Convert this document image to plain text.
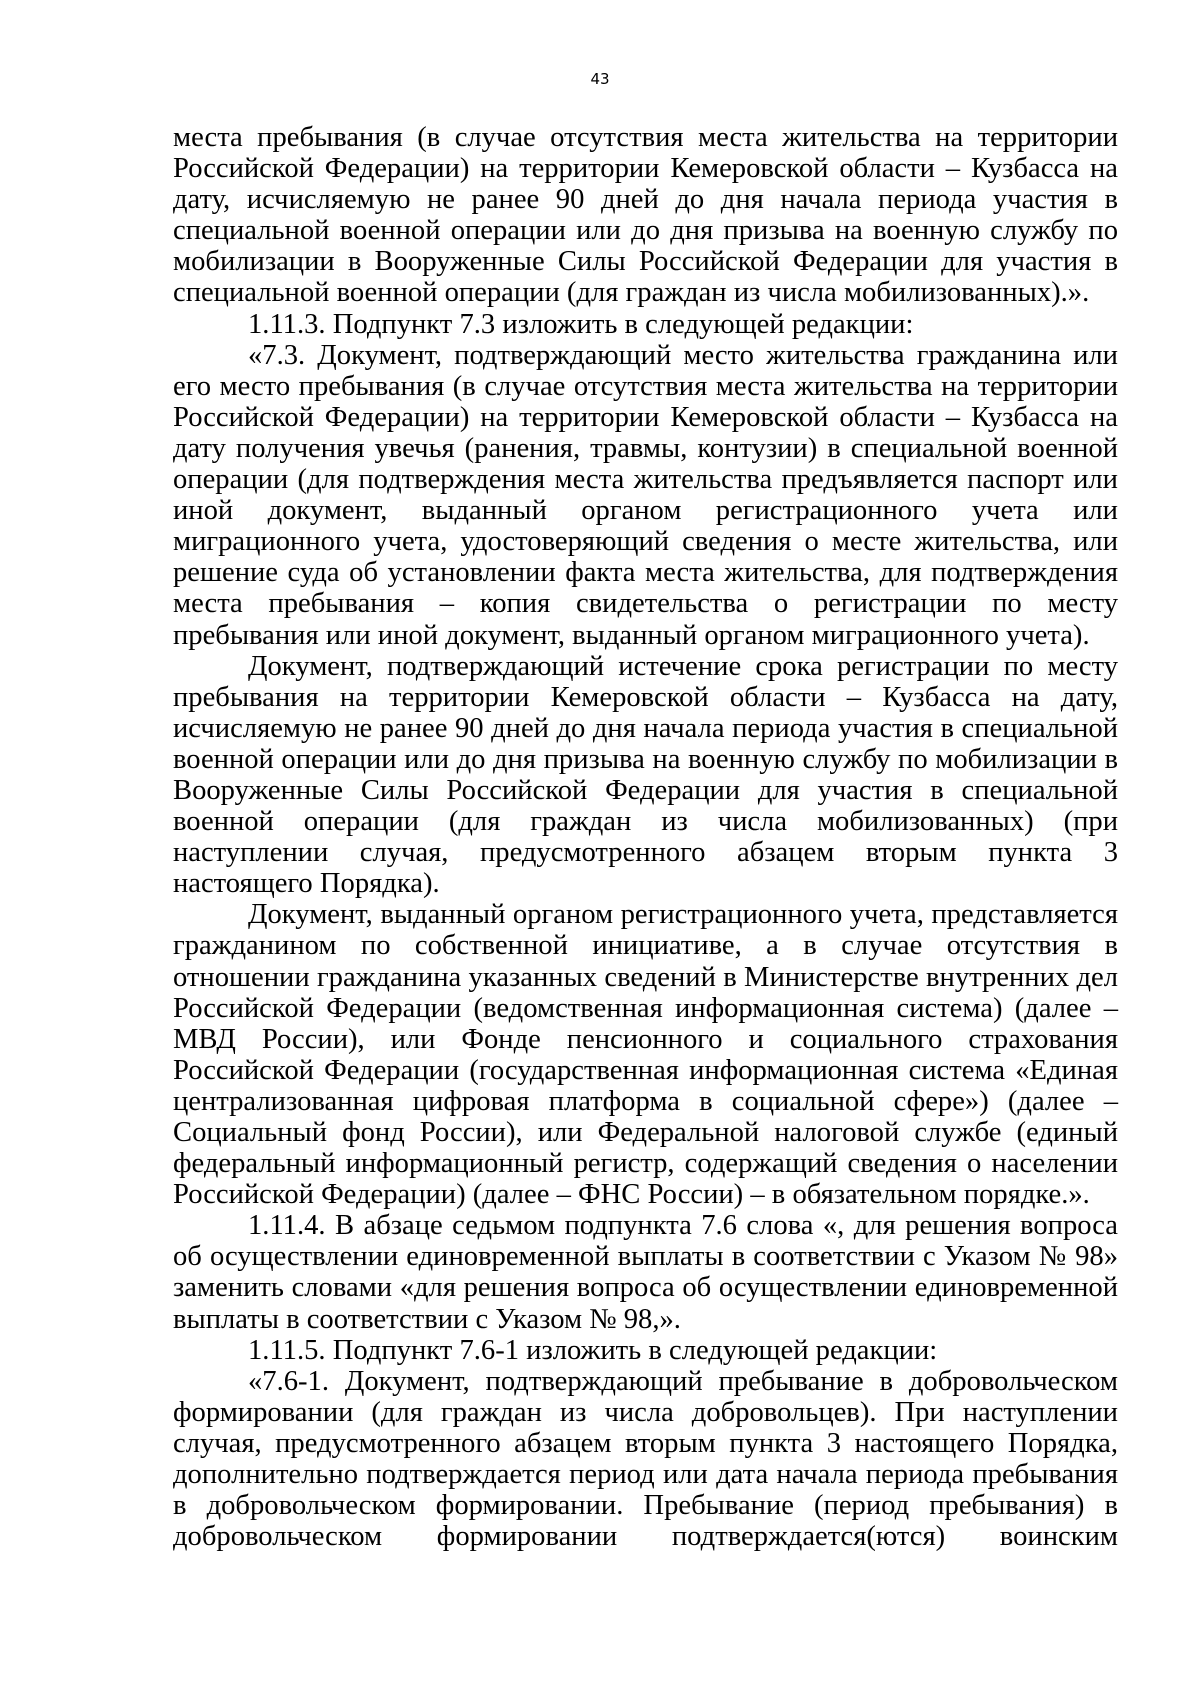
43

места пребывания (в случае отсутствия места жительства на территории Российской Федерации) на территории Кемеровской области – Кузбасса на дату, исчисляемую не ранее 90 дней до дня начала периода участия в специальной военной операции или до дня призыва на военную службу по мобилизации в Вооруженные Силы Российской Федерации для участия в специальной военной операции (для граждан из числа мобилизованных).».

1.11.3. Подпункт 7.3 изложить в следующей редакции:

«7.3. Документ, подтверждающий место жительства гражданина или его место пребывания (в случае отсутствия места жительства на территории Российской Федерации) на территории Кемеровской области – Кузбасса на дату получения увечья (ранения, травмы, контузии) в специальной военной операции (для подтверждения места жительства предъявляется паспорт или иной документ, выданный органом регистрационного учета или миграционного учета, удостоверяющий сведения о месте жительства, или решение суда об установлении факта места жительства, для подтверждения места пребывания – копия свидетельства о регистрации по месту пребывания или иной документ, выданный органом миграционного учета).

Документ, подтверждающий истечение срока регистрации по месту пребывания на территории Кемеровской области – Кузбасса на дату, исчисляемую не ранее 90 дней до дня начала периода участия в специальной военной операции или до дня призыва на военную службу по мобилизации в Вооруженные Силы Российской Федерации для участия в специальной военной операции (для граждан из числа мобилизованных) (при наступлении случая, предусмотренного абзацем вторым пункта 3 настоящего Порядка).

Документ, выданный органом регистрационного учета, представляется гражданином по собственной инициативе, а в случае отсутствия в отношении гражданина указанных сведений в Министерстве внутренних дел Российской Федерации (ведомственная информационная система) (далее – МВД России), или Фонде пенсионного и социального страхования Российской Федерации (государственная информационная система «Единая централизованная цифровая платформа в социальной сфере») (далее – Социальный фонд России), или Федеральной налоговой службе (единый федеральный информационный регистр, содержащий сведения о населении Российской Федерации) (далее – ФНС России) – в обязательном порядке.».

1.11.4. В абзаце седьмом подпункта 7.6 слова «, для решения вопроса об осуществлении единовременной выплаты в соответствии с Указом № 98» заменить словами «для решения вопроса об осуществлении единовременной выплаты в соответствии с Указом № 98,».

1.11.5. Подпункт 7.6-1 изложить в следующей редакции:

«7.6-1. Документ, подтверждающий пребывание в добровольческом формировании (для граждан из числа добровольцев). При наступлении случая, предусмотренного абзацем вторым пункта 3 настоящего Порядка, дополнительно подтверждается период или дата начала периода пребывания в добровольческом формировании. Пребывание (период пребывания) в добровольческом формировании подтверждается(ются) воинским
